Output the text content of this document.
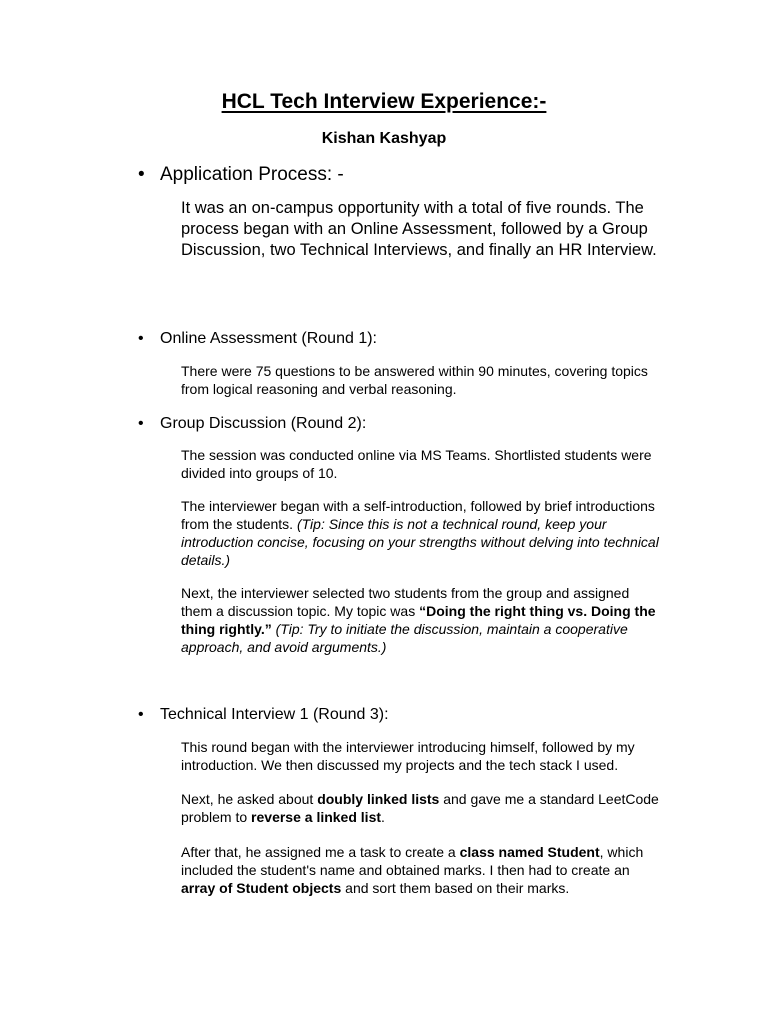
HCL Tech Interview Experience:-

Kishan Kashyap

• Application Process: -

It was an on-campus opportunity with a total of five rounds. The process began with an Online Assessment, followed by a Group Discussion, two Technical Interviews, and finally an HR Interview.

• Online Assessment (Round 1):

There were 75 questions to be answered within 90 minutes, covering topics from logical reasoning and verbal reasoning.

• Group Discussion (Round 2):

The session was conducted online via MS Teams. Shortlisted students were divided into groups of 10.

The interviewer began with a self-introduction, followed by brief introductions from the students. (Tip: Since this is not a technical round, keep your introduction concise, focusing on your strengths without delving into technical details.)

Next, the interviewer selected two students from the group and assigned them a discussion topic. My topic was “Doing the right thing vs. Doing the thing rightly.” (Tip: Try to initiate the discussion, maintain a cooperative approach, and avoid arguments.)

• Technical Interview 1 (Round 3):

This round began with the interviewer introducing himself, followed by my introduction. We then discussed my projects and the tech stack I used.

Next, he asked about doubly linked lists and gave me a standard LeetCode problem to reverse a linked list.

After that, he assigned me a task to create a class named Student, which included the student's name and obtained marks. I then had to create an array of Student objects and sort them based on their marks.
